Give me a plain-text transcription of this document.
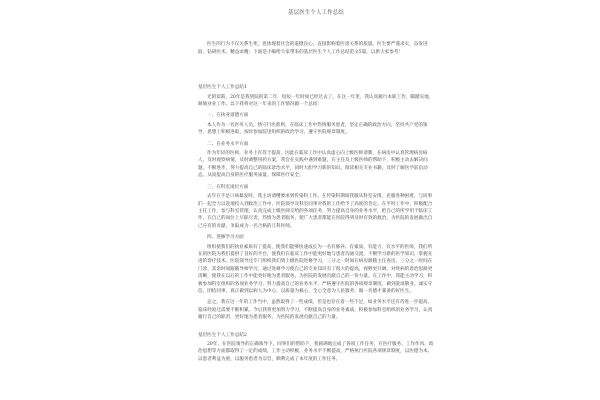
基层医生个人工作总结

医生的行为不仅关系生死，也体现着社会的道德良心，直接影响着医患关系的质量。医生要严谨求实，奋发进取，钻研医术，精益求精；下面是小编给大家带来的基层医生个人工作总结范文5篇，以供大家参考！

基层医生个人工作总结1

光阴似箭，20年是我到院的第二年，短短一年时间已经过去了。在这一年里，我认真履行本职工作，脚踏实地，兢兢业业工作。以下我将对这一年来的工作情况做一个总结：

一、在执业道德方面

本人作为一名医务人员，恪守行医准则，在临床工作中热情服务患者，坚定正确的政治方向，坚持共产党的领导，思想上积极进取，按时参加院里组织的政治学习，遵守医院规章制度。

二、在业务水平方面

作为年轻的医师，业务上有待于提高，因此在临床工作中认真虚心向上级医师请教，在病房中认真管理病房病人，及时观察病情，及时调整用药方案，常会在实践中遇到难题，在主任及上级医师的帮助下，积极主动去解决问题，不断进步，努力提高自己的临床诊治水平，同时大胆学习新的知识，阅读相关专业书籍，及时了解医学前沿动态，从而提高自身的医疗服务质量，保障医疗安全。

三、在科室岗位方面

去年在手足口病暴发时，我主动请缨要求到传染科工作。在传染科期间我服从科室安排，克服各种困难，与同事们一起全力以赴地投入到救治工作中，医院领导及科室同事对我的工作给予了高度的肯定。在平时工作中，积极配合主任工作，参与科室管理，认真完成上级医师交给的各项任务，努力提高自身的业务水平，把自己的所学用于临床工作，在自己的岗位上尽职尽责，热情为患者服务，使广大患者都能在医院得到及时有效的救治，为医院的发展做出自己应有的贡献，争取成为一名合格的儿科医师。

四、进修学习方面

组织使我们的执业素质有了提高，使我们能够快速成长为一名有修养、有素质、有能力、有水平的医师，我们所在的医院为我们提供了良好的平台，使我们在临床工作中能更好地与患者沟通交流，不断学习新的医学知识，掌握先进的诊疗技术。医院领导还专门组织我们到上级医院进修学习，三分之一时间在病房跟随主任查房，三分之一时间在门诊，其余时间跟随导师学习，通过进修学习使自己的专业知识有了很大的提高，视野更开阔，对疾病的诊治思路更清晰，使我在以后的工作中能更好地为患者服务，为医院的发展贡献自己的一份力量。在工作中，我能主动学习，积极参加科室组织的各项业务学习，努力提高自己的业务水平，严格遵守医院的各项规章制度，做到爱岗敬业、诚实守信、团结同事，真正做到以病人为中心，以质量为核心，全心全意为人民服务，做一名德才兼备的好医生。

总之，我在这一年的工作当中，虽然取得了一些成绩，但是也存在着一些不足，如业务水平还有待进一步提高，临床经验还需要不断积累。今后我将更加努力学习，不断提高自身的业务素质，积极参加科室组织的业务学习，认真履行自己的职责，更好地为患者服务，为医院的发展贡献自己的力量。

基层医生个人工作总结2

20年，在医院领导的正确领导下，同事们的帮助下，我圆满地完成了各项工作任务，在医疗服务、工作作风、政治思想等方面都取得了一定的成绩，工作主动积极，业务水平不断提高，严格执行医院各项规章制度，以医德为本，以患者利益为重，以服务患者为宗旨，顺利完成了本年度的工作任务。
